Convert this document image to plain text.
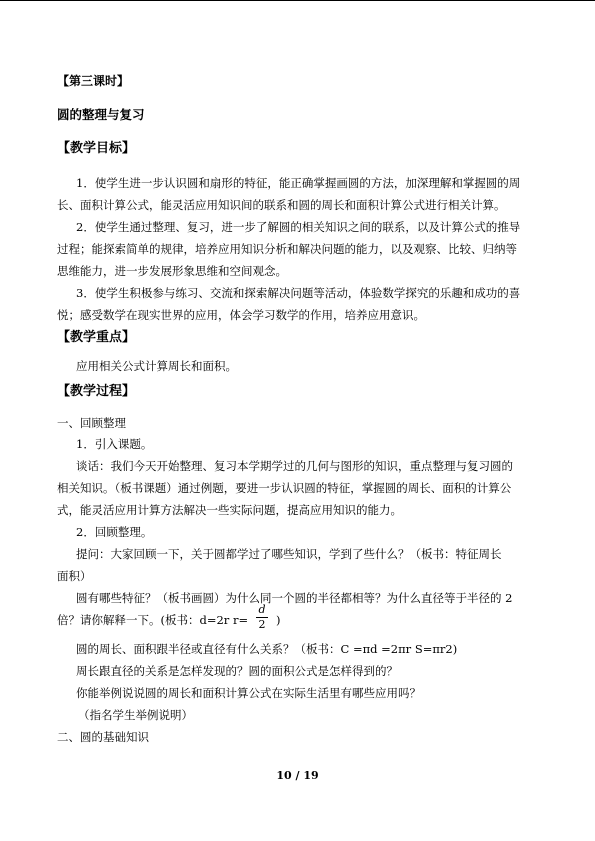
【第三课时】
圆的整理与复习
【教学目标】
1．使学生进一步认识圆和扇形的特征，能正确掌握画圆的方法，加深理解和掌握圆的周
长、面积计算公式，能灵活应用知识间的联系和圆的周长和面积计算公式进行相关计算。
2．使学生通过整理、复习，进一步了解圆的相关知识之间的联系，以及计算公式的推导
过程；能探索简单的规律，培养应用知识分析和解决问题的能力，以及观察、比较、归纳等
思维能力，进一步发展形象思维和空间观念。
3．使学生积极参与练习、交流和探索解决问题等活动，体验数学探究的乐趣和成功的喜
悦；感受数学在现实世界的应用，体会学习数学的作用，培养应用意识。
【教学重点】
应用相关公式计算周长和面积。
【教学过程】
一、回顾整理
1．引入课题。
谈话：我们今天开始整理、复习本学期学过的几何与图形的知识，重点整理与复习圆的
相关知识。（板书课题）通过例题，要进一步认识圆的特征，掌握圆的周长、面积的计算公
式，能灵活应用计算方法解决一些实际问题，提高应用知识的能力。
2．回顾整理。
提问：大家回顾一下，关于圆都学过了哪些知识，学到了些什么？（板书：特征周长
面积）
圆有哪些特征？（板书画圆）为什么同一个圆的半径都相等？为什么直径等于半径的 2
倍？请你解释一下。(板书：d=2r r=
d
2 )
圆的周长、面积跟半径或直径有什么关系？（板书：C =πd =2πr S=πr2)
周长跟直径的关系是怎样发现的？圆的面积公式是怎样得到的？
你能举例说说圆的周长和面积计算公式在实际生活里有哪些应用吗？
（指名学生举例说明）
二、圆的基础知识
10 / 19
